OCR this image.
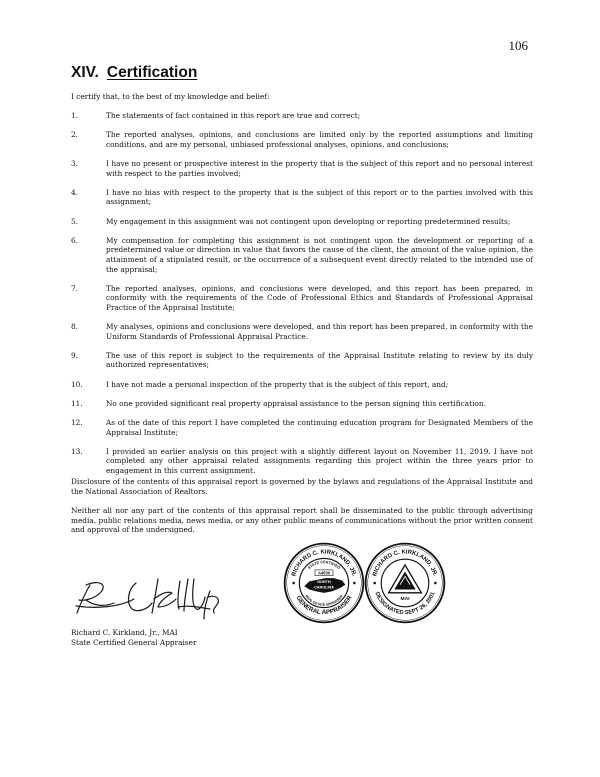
106
XIV. Certification
I certify that, to the best of my knowledge and belief:
1.	The statements of fact contained in this report are true and correct;
2.	The reported analyses, opinions, and conclusions are limited only by the reported assumptions and limiting conditions, and are my personal, unbiased professional analyses, opinions, and conclusions;
3.	I have no present or prospective interest in the property that is the subject of this report and no personal interest with respect to the parties involved;
4.	I have no bias with respect to the property that is the subject of this report or to the parties involved with this assignment;
5.	My engagement in this assignment was not contingent upon developing or reporting predetermined results;
6.	My compensation for completing this assignment is not contingent upon the development or reporting of a predetermined value or direction in value that favors the cause of the client, the amount of the value opinion, the attainment of a stipulated result, or the occurrence of a subsequent event directly related to the intended use of the appraisal;
7.	The reported analyses, opinions, and conclusions were developed, and this report has been prepared, in conformity with the requirements of the Code of Professional Ethics and Standards of Professional Appraisal Practice of the Appraisal Institute;
8.	My analyses, opinions and conclusions were developed, and this report has been prepared, in conformity with the Uniform Standards of Professional Appraisal Practice.
9.	The use of this report is subject to the requirements of the Appraisal Institute relating to review by its duly authorized representatives;
10.	I have not made a personal inspection of the property that is the subject of this report, and;
11.	No one provided significant real property appraisal assistance to the person signing this certification.
12.	As of the date of this report I have completed the continuing education program for Designated Members of the Appraisal Institute;
13.	I provided an earlier analysis on this project with a slightly different layout on November 11, 2019. I have not completed any other appraisal related assignments regarding this project within the three years prior to engagement in this current assignment.
Disclosure of the contents of this appraisal report is governed by the bylaws and regulations of the Appraisal Institute and the National Association of Realtors.
Neither all nor any part of the contents of this appraisal report shall be disseminated to the public through advertising media, public relations media, news media, or any other public means of communications without the prior written consent and approval of the undersigned.
Richard C. Kirkland, Jr., MAI
State Certified General Appraiser
RICHARD C. KIRKLAND, JR.
GENERAL APPRAISER
STATE CERTIFIED
REAL ESTATE APPRAISER
A4500
NORTH
CAROLINA
RICHARD C. KIRKLAND, JR.
DESIGNATED SEPT 26, 2001
MAI
